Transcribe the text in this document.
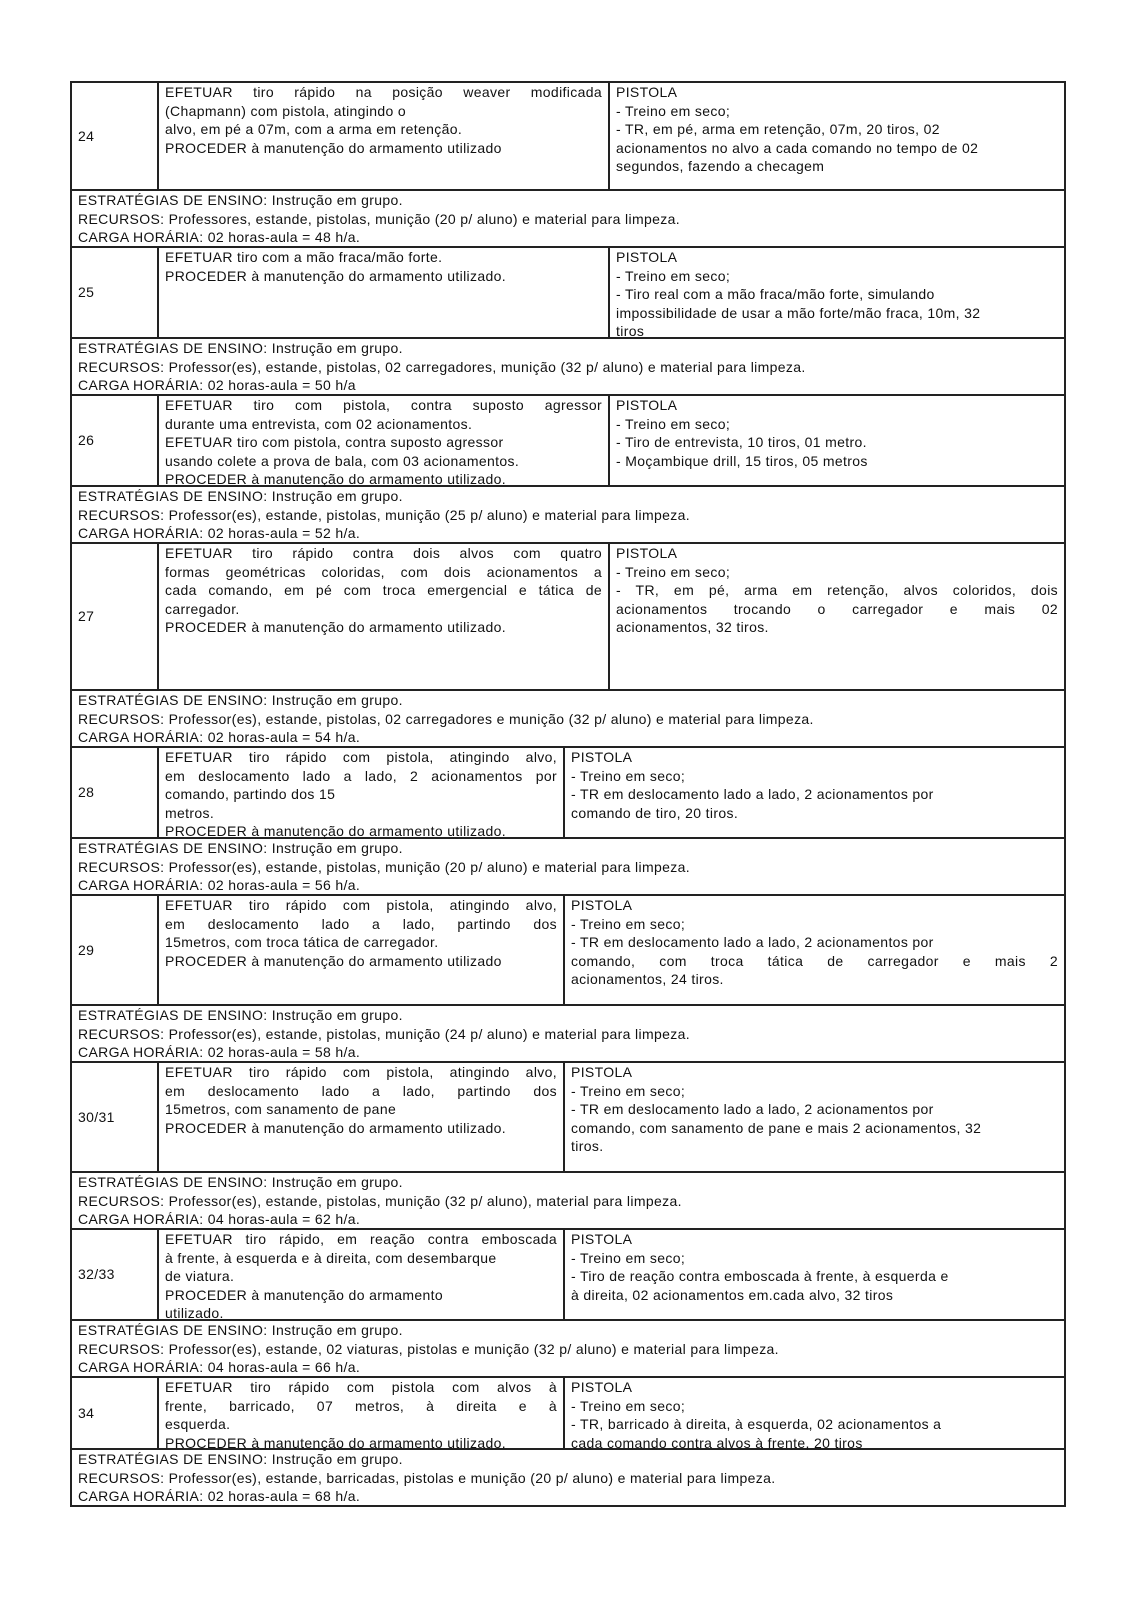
24
EFETUAR tiro rápido na posição weaver modificada
(Chapmann) com pistola, atingindo o
alvo, em pé a 07m, com a arma em retenção.
PROCEDER à manutenção do armamento utilizado
PISTOLA
- Treino em seco;
- TR, em pé, arma em retenção, 07m, 20 tiros, 02
acionamentos no alvo a cada comando no tempo de 02
segundos, fazendo a checagem
ESTRATÉGIAS DE ENSINO: Instrução em grupo.
RECURSOS: Professores, estande, pistolas, munição (20 p/ aluno) e material para limpeza.
CARGA HORÁRIA: 02 horas-aula = 48 h/a.
25
EFETUAR tiro com a mão fraca/mão forte.
PROCEDER à manutenção do armamento utilizado.
PISTOLA
- Treino em seco;
- Tiro real com a mão fraca/mão forte, simulando
impossibilidade de usar a mão forte/mão fraca, 10m, 32
tiros
ESTRATÉGIAS DE ENSINO: Instrução em grupo.
RECURSOS: Professor(es), estande, pistolas, 02 carregadores, munição (32 p/ aluno) e material para limpeza.
CARGA HORÁRIA: 02 horas-aula = 50 h/a
26
EFETUAR tiro com pistola, contra suposto agressor
durante uma entrevista, com 02 acionamentos.
EFETUAR tiro com pistola, contra suposto agressor
usando colete a prova de bala, com 03 acionamentos.
PROCEDER à manutenção do armamento utilizado.
PISTOLA
- Treino em seco;
- Tiro de entrevista, 10 tiros, 01 metro.
- Moçambique drill, 15 tiros, 05 metros
ESTRATÉGIAS DE ENSINO: Instrução em grupo.
RECURSOS: Professor(es), estande, pistolas, munição (25 p/ aluno) e material para limpeza.
CARGA HORÁRIA: 02 horas-aula = 52 h/a.
27
EFETUAR tiro rápido contra dois alvos com quatro
formas geométricas coloridas, com dois acionamentos a
cada comando, em pé com troca emergencial e tática de
carregador.
PROCEDER à manutenção do armamento utilizado.
PISTOLA
- Treino em seco;
- TR, em pé, arma em retenção, alvos coloridos, dois
acionamentos trocando o carregador e mais 02
acionamentos, 32 tiros.
ESTRATÉGIAS DE ENSINO: Instrução em grupo.
RECURSOS: Professor(es), estande, pistolas, 02 carregadores e munição (32 p/ aluno) e material para limpeza.
CARGA HORÁRIA: 02 horas-aula = 54 h/a.
28
EFETUAR tiro rápido com pistola, atingindo alvo,
em deslocamento lado a lado, 2 acionamentos por
comando, partindo dos 15
metros.
PROCEDER à manutenção do armamento utilizado.
PISTOLA
- Treino em seco;
- TR em deslocamento lado a lado, 2 acionamentos por
comando de tiro, 20 tiros.
ESTRATÉGIAS DE ENSINO: Instrução em grupo.
RECURSOS: Professor(es), estande, pistolas, munição (20 p/ aluno) e material para limpeza.
CARGA HORÁRIA: 02 horas-aula = 56 h/a.
29
EFETUAR tiro rápido com pistola, atingindo alvo,
em deslocamento lado a lado, partindo dos
15metros, com troca tática de carregador.
PROCEDER à manutenção do armamento utilizado
PISTOLA
- Treino em seco;
- TR em deslocamento lado a lado, 2 acionamentos por
comando, com troca tática de carregador e mais 2
acionamentos, 24 tiros.
ESTRATÉGIAS DE ENSINO: Instrução em grupo.
RECURSOS: Professor(es), estande, pistolas, munição (24 p/ aluno) e material para limpeza.
CARGA HORÁRIA: 02 horas-aula = 58 h/a.
30/31
EFETUAR tiro rápido com pistola, atingindo alvo,
em deslocamento lado a lado, partindo dos
15metros, com sanamento de pane
PROCEDER à manutenção do armamento utilizado.
PISTOLA
- Treino em seco;
- TR em deslocamento lado a lado, 2 acionamentos por
comando, com sanamento de pane e mais 2 acionamentos, 32
tiros.
ESTRATÉGIAS DE ENSINO: Instrução em grupo.
RECURSOS: Professor(es), estande, pistolas, munição (32 p/ aluno), material para limpeza.
CARGA HORÁRIA: 04 horas-aula = 62 h/a.
32/33
EFETUAR tiro rápido, em reação contra emboscada
à frente, à esquerda e à direita, com desembarque
de viatura.
PROCEDER à manutenção do armamento
utilizado.
PISTOLA
- Treino em seco;
- Tiro de reação contra emboscada à frente, à esquerda e
à direita, 02 acionamentos em.cada alvo, 32 tiros
ESTRATÉGIAS DE ENSINO: Instrução em grupo.
RECURSOS: Professor(es), estande, 02 viaturas, pistolas e munição (32 p/ aluno) e material para limpeza.
CARGA HORÁRIA: 04 horas-aula = 66 h/a.
34
EFETUAR tiro rápido com pistola com alvos à
frente, barricado, 07 metros, à direita e à
esquerda.
PROCEDER à manutenção do armamento utilizado.
PISTOLA
- Treino em seco;
- TR, barricado à direita, à esquerda, 02 acionamentos a
cada comando contra alvos à frente, 20 tiros
ESTRATÉGIAS DE ENSINO: Instrução em grupo.
RECURSOS: Professor(es), estande, barricadas, pistolas e munição (20 p/ aluno) e material para limpeza.
CARGA HORÁRIA: 02 horas-aula = 68 h/a.
